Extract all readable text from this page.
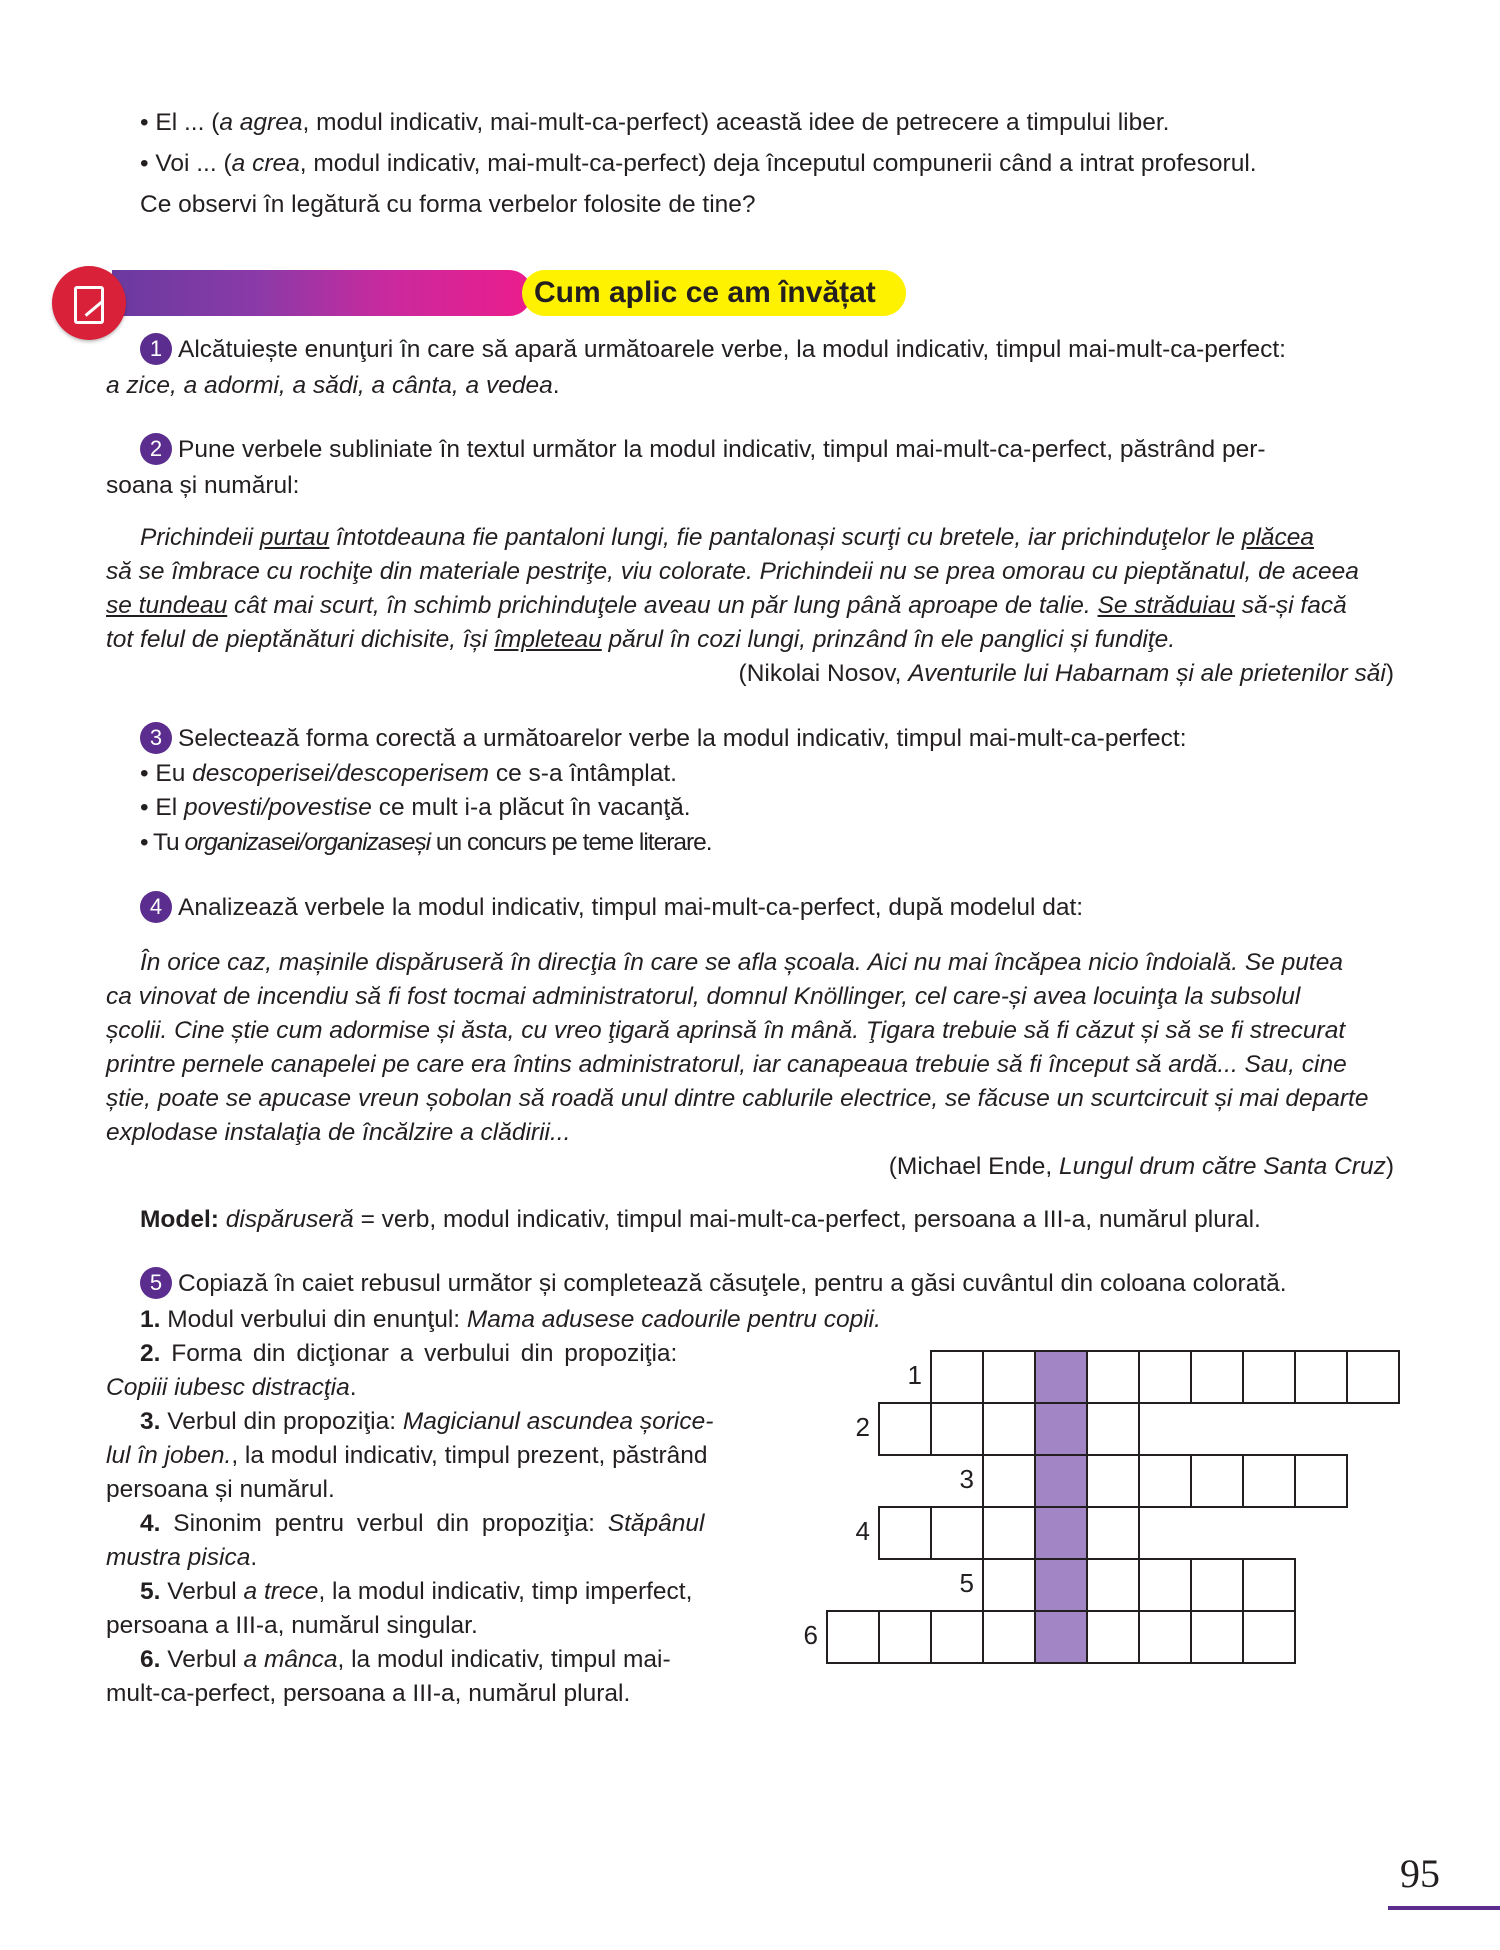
• El ... (a agrea, modul indicativ, mai-mult-ca-perfect) această idee de petrecere a timpului liber.
• Voi ... (a crea, modul indicativ, mai-mult-ca-perfect) deja începutul compunerii când a intrat profesorul.
Ce observi în legătură cu forma verbelor folosite de tine?
Cum aplic ce am învățat
1 Alcătuiește enunţuri în care să apară următoarele verbe, la modul indicativ, timpul mai-mult-ca-perfect:
a zice, a adormi, a sădi, a cânta, a vedea.
2 Pune verbele subliniate în textul următor la modul indicativ, timpul mai-mult-ca-perfect, păstrând per-
soana și numărul:
Prichindeii purtau întotdeauna fie pantaloni lungi, fie pantalonași scurţi cu bretele, iar prichinduţelor le plăcea
să se îmbrace cu rochiţe din materiale pestriţe, viu colorate. Prichindeii nu se prea omorau cu pieptănatul, de aceea
se tundeau cât mai scurt, în schimb prichinduţele aveau un păr lung până aproape de talie. Se străduiau să-și facă
tot felul de pieptănături dichisite, își împleteau părul în cozi lungi, prinzând în ele panglici și fundiţe.
(Nikolai Nosov, Aventurile lui Habarnam și ale prietenilor săi)
3 Selectează forma corectă a următoarelor verbe la modul indicativ, timpul mai-mult-ca-perfect:
• Eu descoperisei/descoperisem ce s-a întâmplat.
• El povesti/povestise ce mult i-a plăcut în vacanţă.
• Tu organizasei/organizaseși un concurs pe teme literare.
4 Analizează verbele la modul indicativ, timpul mai-mult-ca-perfect, după modelul dat:
În orice caz, mașinile dispăruseră în direcţia în care se afla școala. Aici nu mai încăpea nicio îndoială. Se putea
ca vinovat de incendiu să fi fost tocmai administratorul, domnul Knöllinger, cel care-și avea locuinţa la subsolul
școlii. Cine știe cum adormise și ăsta, cu vreo ţigară aprinsă în mână. Ţigara trebuie să fi căzut și să se fi strecurat
printre pernele canapelei pe care era întins administratorul, iar canapeaua trebuie să fi început să ardă... Sau, cine
știe, poate se apucase vreun șobolan să roadă unul dintre cablurile electrice, se făcuse un scurtcircuit și mai departe
explodase instalaţia de încălzire a clădirii...
(Michael Ende, Lungul drum către Santa Cruz)
Model: dispăruseră = verb, modul indicativ, timpul mai-mult-ca-perfect, persoana a III-a, numărul plural.
5 Copiază în caiet rebusul următor și completează căsuţele, pentru a găsi cuvântul din coloana colorată.
1. Modul verbului din enunţul: Mama adusese cadourile pentru copii.
2. Forma din dicţionar a verbului din propoziţia:
Copiii iubesc distracţia.
3. Verbul din propoziţia: Magicianul ascundea șorice-
lul în joben., la modul indicativ, timpul prezent, păstrând
persoana și numărul.
4. Sinonim pentru verbul din propoziţia: Stăpânul
mustra pisica.
5. Verbul a trece, la modul indicativ, timp imperfect,
persoana a III-a, numărul singular.
6. Verbul a mânca, la modul indicativ, timpul mai-
mult-ca-perfect, persoana a III-a, numărul plural.
1
2
3
4
5
6
95
